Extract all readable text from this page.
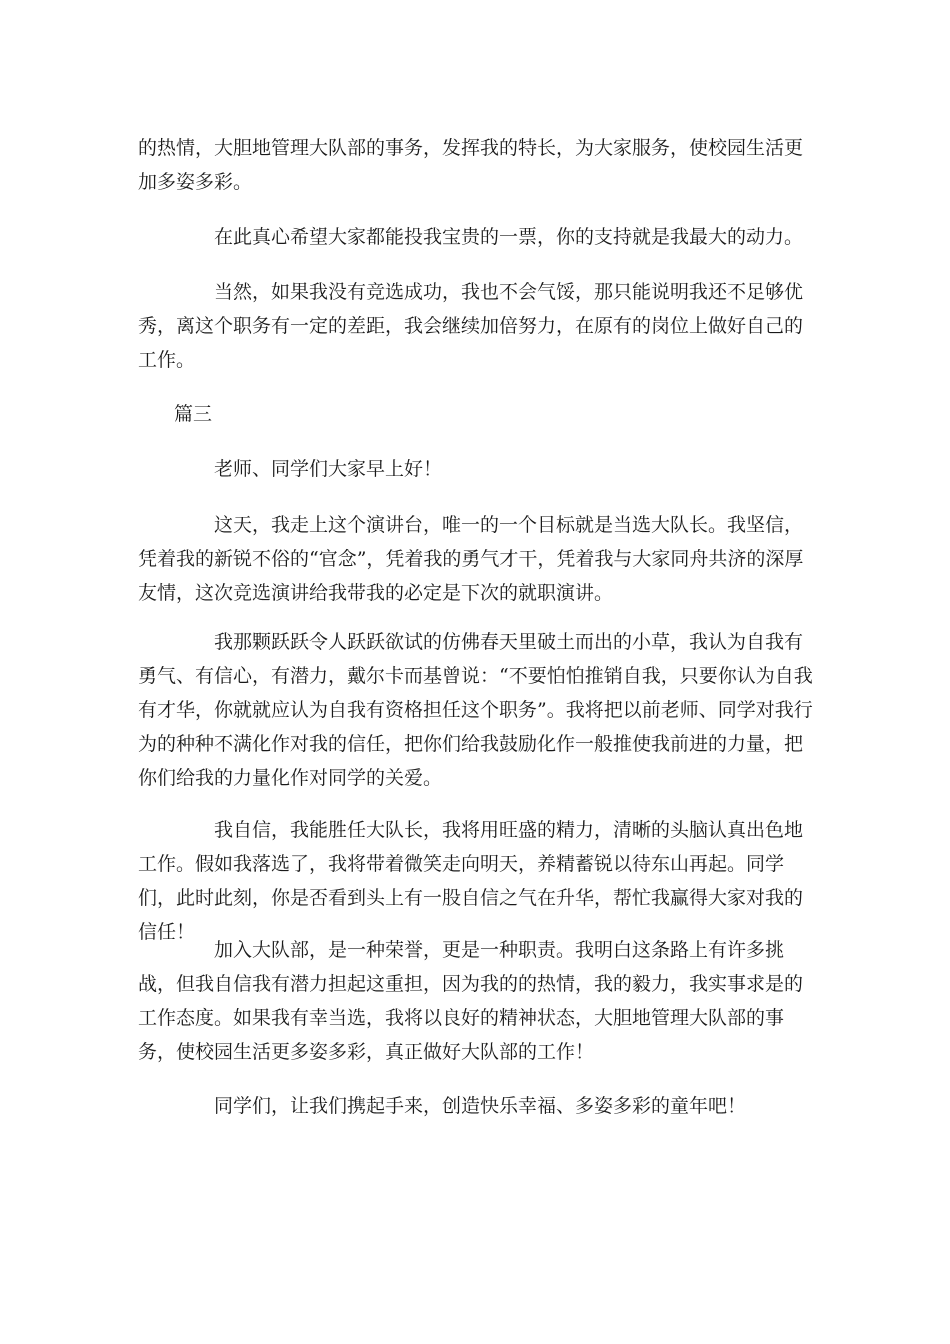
的热情，大胆地管理大队部的事务，发挥我的特长，为大家服务，使校园生活更加多姿多彩。

在此真心希望大家都能投我宝贵的一票，你的支持就是我最大的动力。

当然，如果我没有竞选成功，我也不会气馁，那只能说明我还不足够优秀，离这个职务有一定的差距，我会继续加倍努力，在原有的岗位上做好自己的工作。

篇三

老师、同学们大家早上好！

这天，我走上这个演讲台，唯一的一个目标就是当选大队长。我坚信，凭着我的新锐不俗的“官念”，凭着我的勇气才干，凭着我与大家同舟共济的深厚友情，这次竞选演讲给我带我的必定是下次的就职演讲。

我那颗跃跃令人跃跃欲试的仿佛春天里破土而出的小草，我认为自我有勇气、有信心，有潜力，戴尔卡而基曾说：“不要怕怕推销自我，只要你认为自我有才华，你就就应认为自我有资格担任这个职务”。我将把以前老师、同学对我行为的种种不满化作对我的信任，把你们给我鼓励化作一般推使我前进的力量，把你们给我的力量化作对同学的关爱。

我自信，我能胜任大队长，我将用旺盛的精力，清晰的头脑认真出色地工作。假如我落选了，我将带着微笑走向明天，养精蓄锐以待东山再起。同学们，此时此刻，你是否看到头上有一股自信之气在升华，帮忙我赢得大家对我的信任！

加入大队部，是一种荣誉，更是一种职责。我明白这条路上有许多挑战，但我自信我有潜力担起这重担，因为我的的热情，我的毅力，我实事求是的工作态度。如果我有幸当选，我将以良好的精神状态，大胆地管理大队部的事务，使校园生活更多姿多彩，真正做好大队部的工作！

同学们，让我们携起手来，创造快乐幸福、多姿多彩的童年吧！
